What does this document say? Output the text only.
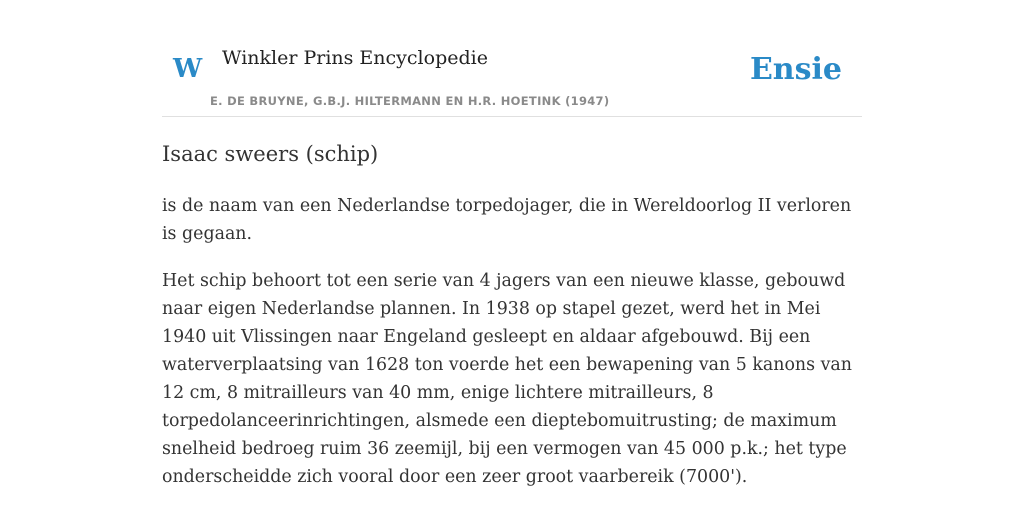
W Winkler Prins Encyclopedie
E. DE BRUYNE, G.B.J. HILTERMANN EN H.R. HOETINK (1947)
Ensie
Isaac sweers (schip)

is de naam van een Nederlandse torpedojager, die in Wereldoorlog II verloren is gegaan.

Het schip behoort tot een serie van 4 jagers van een nieuwe klasse, gebouwd naar eigen Nederlandse plannen. In 1938 op stapel gezet, werd het in Mei 1940 uit Vlissingen naar Engeland gesleept en aldaar afgebouwd. Bij een waterverplaatsing van 1628 ton voerde het een bewapening van 5 kanons van 12 cm, 8 mitrailleurs van 40 mm, enige lichtere mitrailleurs, 8 torpedolanceerinrichtingen, alsmede een dieptebomuitrusting; de maximum snelheid bedroeg ruim 36 zeemijl, bij een vermogen van 45 000 p.k.; het type onderscheidde zich vooral door een zeer groot vaarbereik (7000').
